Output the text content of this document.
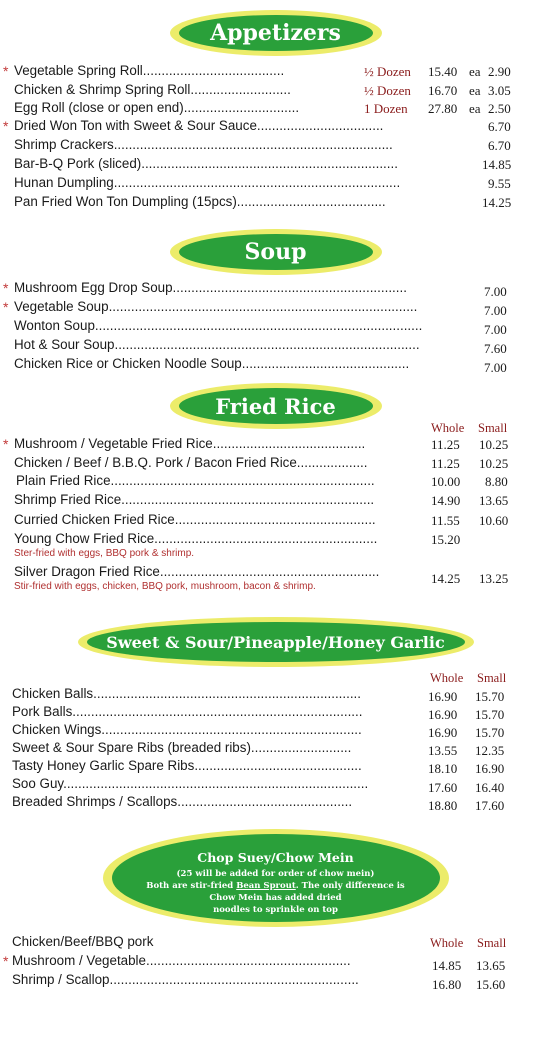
Appetizers
* Vegetable Spring Roll......................................	½ Dozen 15.40 ea 2.90
Chicken & Shrimp Spring Roll...........................	½ Dozen 16.70 ea 3.05
Egg Roll (close or open end)...............................	1 Dozen 27.80 ea 2.50
* Dried Won Ton with Sweet & Sour Sauce..................................	6.70
Shrimp Crackers...........................................................................	6.70
Bar-B-Q Pork (sliced).....................................................................	14.85
Hunan Dumpling.............................................................................	9.55
Pan Fried Won Ton Dumpling (15pcs)........................................	14.25
Soup
* Mushroom Egg Drop Soup...............................................................	7.00
* Vegetable Soup...................................................................................	7.00
Wonton Soup........................................................................................	7.00
Hot & Sour Soup..................................................................................	7.60
Chicken Rice or Chicken Noodle Soup.............................................	7.00
Fried Rice
Whole Small
* Mushroom / Vegetable Fried Rice.........................................	11.25 10.25
Chicken / Beef / B.B.Q. Pork / Bacon Fried Rice...................	11.25 10.25
Plain Fried Rice.......................................................................	10.00 8.80
Shrimp Fried Rice....................................................................	14.90 13.65
Curried Chicken Fried Rice......................................................	11.55 10.60
Young Chow Fried Rice............................................................	15.20
Ster-fried with eggs, BBQ pork & shrimp.
Silver Dragon Fried Rice...........................................................	14.25 13.25
Stir-fried with eggs, chicken, BBQ pork, mushroom, bacon & shrimp.
Sweet & Sour/Pineapple/Honey Garlic
Whole Small
Chicken Balls........................................................................	16.90 15.70
Pork Balls..............................................................................	16.90 15.70
Chicken Wings......................................................................	16.90 15.70
Sweet & Sour Spare Ribs (breaded ribs)...........................	13.55 12.35
Tasty Honey Garlic Spare Ribs.............................................	18.10 16.90
Soo Guy..................................................................................	17.60 16.40
Breaded Shrimps / Scallops...............................................	18.80 17.60
Chop Suey/Chow Mein
(25 will be added for order of chow mein)
Both are stir-fried Bean Sprout. The only difference is
Chow Mein has added dried
noodles to sprinkle on top
Whole Small
Chicken/Beef/BBQ pork
* Mushroom / Vegetable.......................................................	14.85 13.65
Shrimp / Scallop...................................................................	16.80 15.60
